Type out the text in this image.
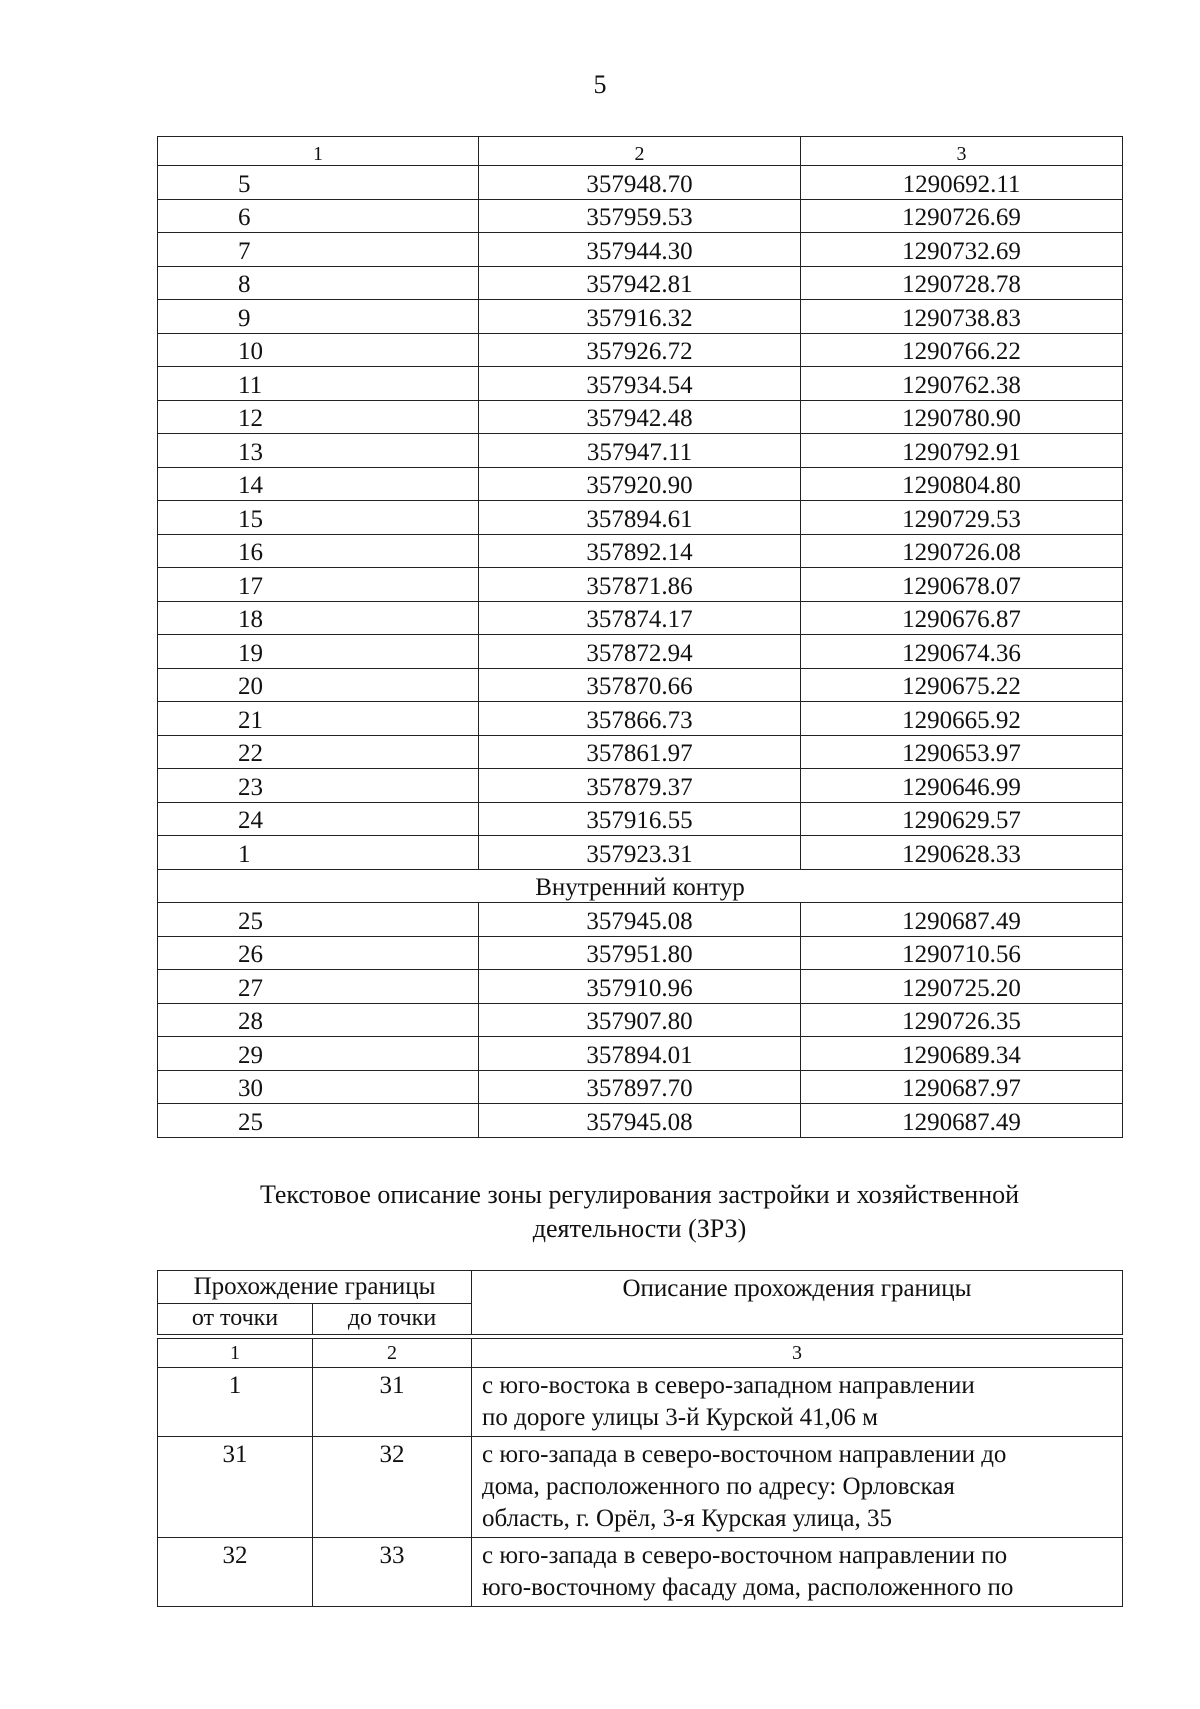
5
1	2	3
5	357948.70	1290692.11
6	357959.53	1290726.69
7	357944.30	1290732.69
8	357942.81	1290728.78
9	357916.32	1290738.83
10	357926.72	1290766.22
11	357934.54	1290762.38
12	357942.48	1290780.90
13	357947.11	1290792.91
14	357920.90	1290804.80
15	357894.61	1290729.53
16	357892.14	1290726.08
17	357871.86	1290678.07
18	357874.17	1290676.87
19	357872.94	1290674.36
20	357870.66	1290675.22
21	357866.73	1290665.92
22	357861.97	1290653.97
23	357879.37	1290646.99
24	357916.55	1290629.57
1	357923.31	1290628.33
Внутренний контур		
25	357945.08	1290687.49
26	357951.80	1290710.56
27	357910.96	1290725.20
28	357907.80	1290726.35
29	357894.01	1290689.34
30	357897.70	1290687.97
25	357945.08	1290687.49
Текстовое описание зоны регулирования застройки и хозяйственной
деятельности (ЗРЗ)
Прохождение границы		Описание прохождения границы
от точки	до точки	

1	2	3
1	31	с юго-востока в северо-западном направлении
по дороге улицы 3-й Курской 41,06 м

31	32	с юго-запада в северо-восточном направлении до
дома, расположенного по адресу: Орловская
область, г. Орёл, 3-я Курская улица, 35

32	33	с юго-запада в северо-восточном направлении по
юго-восточному фасаду дома, расположенного по
